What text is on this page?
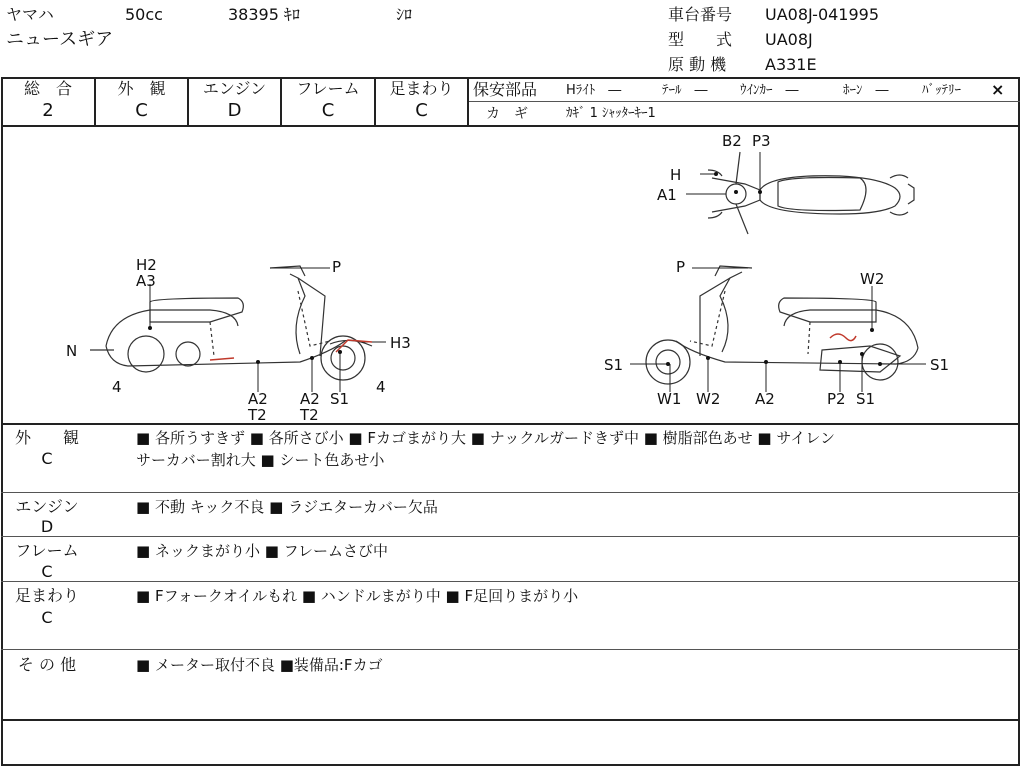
ヤマハ	50cc	38395 ｷﾛ	ｼﾛ
ニュースギア
車台番号 UA08J-041995
型　　式 UA08J
原 動 機 A331E
総　合
2
外　観
C
エンジン
D
フレーム
C
足まわり
C
保安部品 Hﾗｲﾄ　―	ﾃｰﾙ　― ｳｲﾝｶｰ　―	ﾎｰﾝ　―	ﾊﾞｯﾃﾘｰ ×
カ　ギ	ｶｷﾞ 1 ｼｬｯﾀｰｷｰ1
B2 P3
H
A1
H2
A3
P
N	H3
4	4
A2
T2
A2
T2
S1
P
W2
S1	S1
W1 W2 A2	P2 S1
外　　観
C
■ 各所うすきず ■ 各所さび小 ■ Fカゴまがり大 ■ ナックルガードきず中 ■ 樹脂部色あせ ■ サイレン
サーカバー割れ大 ■ シート色あせ小
エンジン
D
■ 不動 キック不良 ■ ラジエターカバー欠品
フレーム
C
■ ネックまがり小 ■ フレームさび中
足まわり
C
■ Fフォークオイルもれ ■ ハンドルまがり中 ■ F足回りまがり小
そ の 他	■ メーター取付不良 ■装備品:Fカゴ
